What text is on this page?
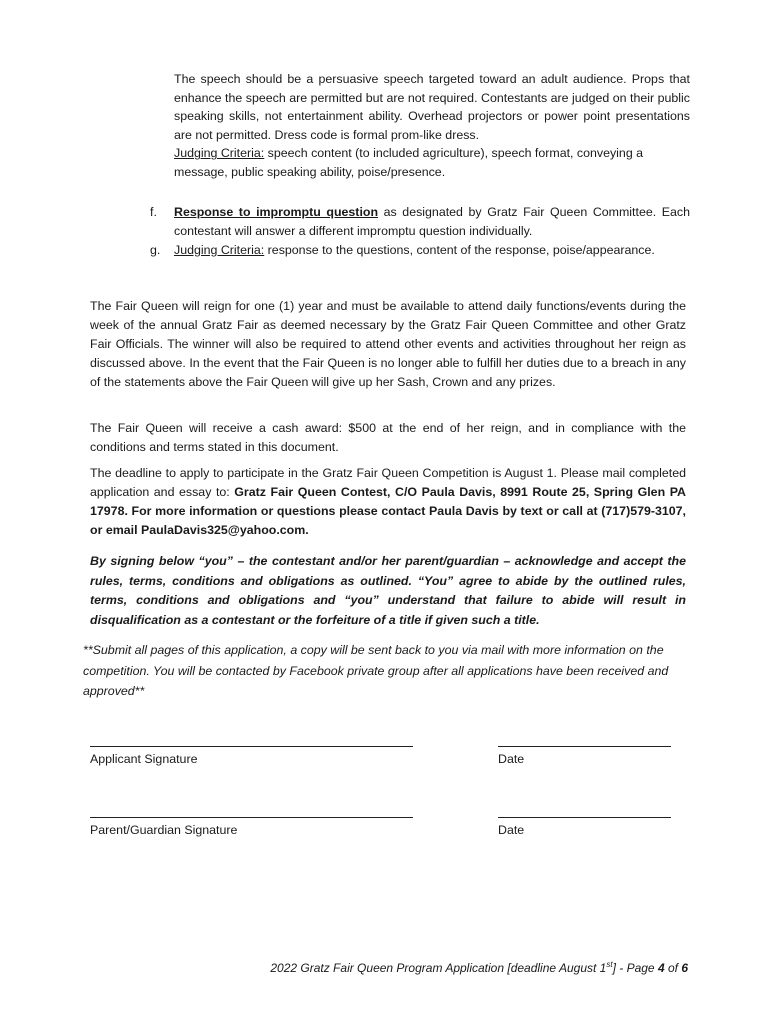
The speech should be a persuasive speech targeted toward an adult audience. Props that enhance the speech are permitted but are not required. Contestants are judged on their public speaking skills, not entertainment ability. Overhead projectors or power point presentations are not permitted. Dress code is formal prom-like dress.

Judging Criteria: speech content (to included agriculture), speech format, conveying a message, public speaking ability, poise/presence.

f.	Response to impromptu question as designated by Gratz Fair Queen Committee. Each contestant will answer a different impromptu question individually.
g.	Judging Criteria: response to the questions, content of the response, poise/appearance.

The Fair Queen will reign for one (1) year and must be available to attend daily functions/events during the week of the annual Gratz Fair as deemed necessary by the Gratz Fair Queen Committee and other Gratz Fair Officials. The winner will also be required to attend other events and activities throughout her reign as discussed above. In the event that the Fair Queen is no longer able to fulfill her duties due to a breach in any of the statements above the Fair Queen will give up her Sash, Crown and any prizes.

The Fair Queen will receive a cash award: $500 at the end of her reign, and in compliance with the conditions and terms stated in this document.

The deadline to apply to participate in the Gratz Fair Queen Competition is August 1. Please mail completed application and essay to: Gratz Fair Queen Contest, C/O Paula Davis, 8991 Route 25, Spring Glen PA 17978. For more information or questions please contact Paula Davis by text or call at (717)579-3107, or email PaulaDavis325@yahoo.com.

By signing below “you” – the contestant and/or her parent/guardian – acknowledge and accept the rules, terms, conditions and obligations as outlined. “You” agree to abide by the outlined rules, terms, conditions and obligations and “you” understand that failure to abide will result in disqualification as a contestant or the forfeiture of a title if given such a title.

**Submit all pages of this application, a copy will be sent back to you via mail with more information on the competition. You will be contacted by Facebook private group after all applications have been received and approved**

Applicant Signature	Date
Parent/Guardian Signature	Date
2022 Gratz Fair Queen Program Application [deadline August 1st] - Page 4 of 6
